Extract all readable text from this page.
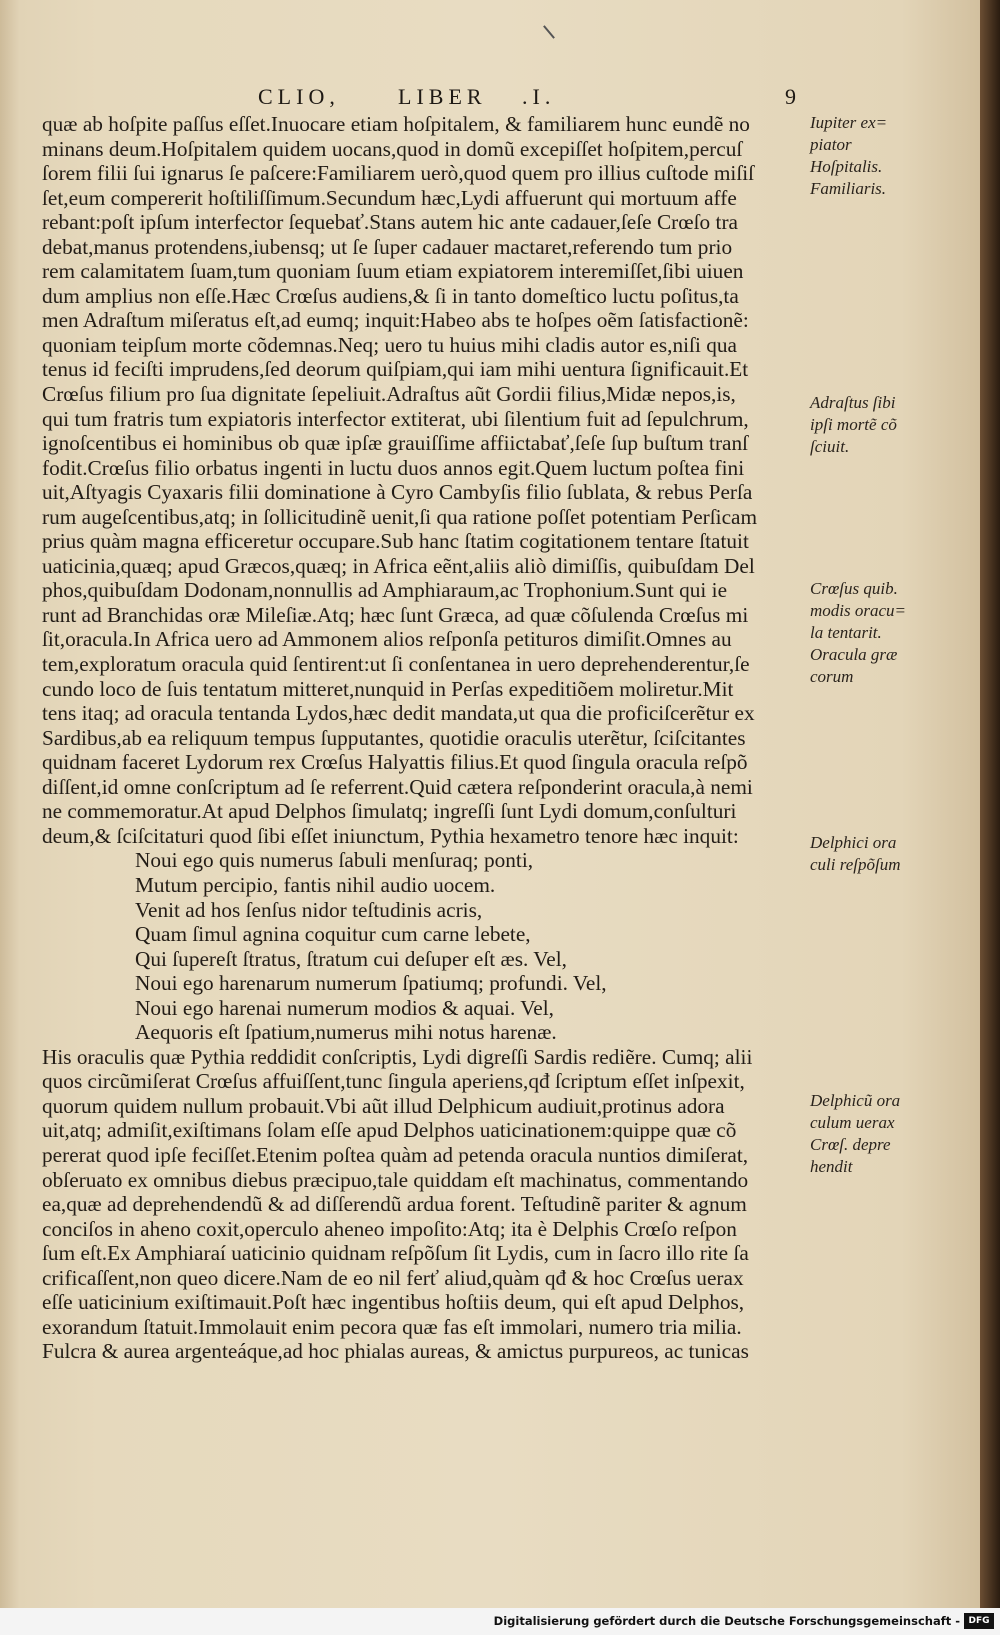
CLIO,	LIBER .I.	9
quæ ab hoſpite paſſus eſſet.Inuocare etiam hoſpitalem, & familiarem hunc eundẽ no
minans deum.Hoſpitalem quidem uocans,quod in domũ excepiſſet hoſpitem,percuſ
ſorem filii ſui ignarus ſe paſcere:Familiarem uerò,quod quem pro illius cuſtode miſiſ
ſet,eum compererit hoſtiliſſimum.Secundum hæc,Lydi affuerunt qui mortuum affe
rebant:poſt ipſum interfector ſequebať.Stans autem hic ante cadauer,ſeſe Crœſo tra
debat,manus protendens,iubensq; ut ſe ſuper cadauer mactaret,referendo tum prio
rem calamitatem ſuam,tum quoniam ſuum etiam expiatorem interemiſſet,ſibi uiuen
dum amplius non eſſe.Hæc Crœſus audiens,& ſi in tanto domeſtico luctu poſitus,ta
men Adraſtum miſeratus eſt,ad eumq; inquit:Habeo abs te hoſpes oẽm ſatisfactionẽ:
quoniam teipſum morte cõdemnas.Neq; uero tu huius mihi cladis autor es,niſi qua
tenus id feciſti imprudens,ſed deorum quiſpiam,qui iam mihi uentura ſignificauit.Et
Crœſus filium pro ſua dignitate ſepeliuit.Adraſtus aũt Gordii filius,Midæ nepos,is,
qui tum fratris tum expiatoris interfector extiterat, ubi ſilentium fuit ad ſepulchrum,
ignoſcentibus ei hominibus ob quæ ipſæ grauiſſime affiictabať,ſeſe ſup buſtum tranſ
fodit.Crœſus filio orbatus ingenti in luctu duos annos egit.Quem luctum poſtea fini
uit,Aſtyagis Cyaxaris filii dominatione à Cyro Cambyſis filio ſublata, & rebus Perſa
rum augeſcentibus,atq; in ſollicitudinẽ uenit,ſi qua ratione poſſet potentiam Perſicam
prius quàm magna efficeretur occupare.Sub hanc ſtatim cogitationem tentare ſtatuit
uaticinia,quæq; apud Græcos,quæq; in Africa eẽnt,aliis aliò dimiſſis, quibuſdam Del
phos,quibuſdam Dodonam,nonnullis ad Amphiaraum,ac Trophonium.Sunt qui ie
runt ad Branchidas oræ Mileſiæ.Atq; hæc ſunt Græca, ad quæ cõſulenda Crœſus mi
ſit,oracula.In Africa uero ad Ammonem alios reſponſa petituros dimiſit.Omnes au
tem,exploratum oracula quid ſentirent:ut ſi conſentanea in uero deprehenderentur,ſe
cundo loco de ſuis tentatum mitteret,nunquid in Perſas expeditiõem moliretur.Mit
tens itaq; ad oracula tentanda Lydos,hæc dedit mandata,ut qua die proficiſcerẽtur ex
Sardibus,ab ea reliquum tempus ſupputantes, quotidie oraculis uterẽtur, ſciſcitantes
quidnam faceret Lydorum rex Crœſus Halyattis filius.Et quod ſingula oracula reſpõ
diſſent,id omne conſcriptum ad ſe referrent.Quid cætera reſponderint oracula,à nemi
ne commemoratur.At apud Delphos ſimulatq; ingreſſi ſunt Lydi domum,conſulturi
deum,& ſciſcitaturi quod ſibi eſſet iniunctum, Pythia hexametro tenore hæc inquit:
Noui ego quis numerus ſabuli menſuraq; ponti,
Mutum percipio, fantis nihil audio uocem.
Venit ad hos ſenſus nidor teſtudinis acris,
Quam ſimul agnina coquitur cum carne lebete,
Qui ſupereſt ſtratus, ſtratum cui deſuper eſt æs. Vel,
Noui ego harenarum numerum ſpatiumq; profundi. Vel,
Noui ego harenai numerum modios & aquai. Vel,
Aequoris eſt ſpatium,numerus mihi notus harenæ.
His oraculis quæ Pythia reddidit conſcriptis, Lydi digreſſi Sardis rediẽre. Cumq; alii
quos circũmiſerat Crœſus affuiſſent,tunc ſingula aperiens,qđ ſcriptum eſſet inſpexit,
quorum quidem nullum probauit.Vbi aũt illud Delphicum audiuit,protinus adora
uit,atq; admiſit,exiſtimans ſolam eſſe apud Delphos uaticinationem:quippe quæ cõ
pererat quod ipſe feciſſet.Etenim poſtea quàm ad petenda oracula nuntios dimiſerat,
obſeruato ex omnibus diebus præcipuo,tale quiddam eſt machinatus, commentando
ea,quæ ad deprehendendũ & ad diſſerendũ ardua forent. Teſtudinẽ pariter & agnum
conciſos in aheno coxit,operculo aheneo impoſito:Atq; ita è Delphis Crœſo reſpon
ſum eſt.Ex Amphiaraí uaticinio quidnam reſpõſum ſit Lydis, cum in ſacro illo rite ſa
crificaſſent,non queo dicere.Nam de eo nil ferť aliud,quàm qđ & hoc Crœſus uerax
eſſe uaticinium exiſtimauit.Poſt hæc ingentibus hoſtiis deum, qui eſt apud Delphos,
exorandum ſtatuit.Immolauit enim pecora quæ fas eſt immolari, numero tria milia.
Fulcra & aurea argenteáque,ad hoc phialas aureas, & amictus purpureos, ac tunicas
Iupiter ex=
piator
Hoſpitalis.
Familiaris.
Adraſtus ſibi
ipſi mortẽ cõ
ſciuit.
Crœſus quib.
modis oracu=
la tentarit.
Oracula græ
corum
Delphici ora
culi reſpõſum
Delphicũ ora
culum uerax
Crœſ. depre
hendit
Digitalisierung gefördert durch die Deutsche Forschungsgemeinschaft - DFG
